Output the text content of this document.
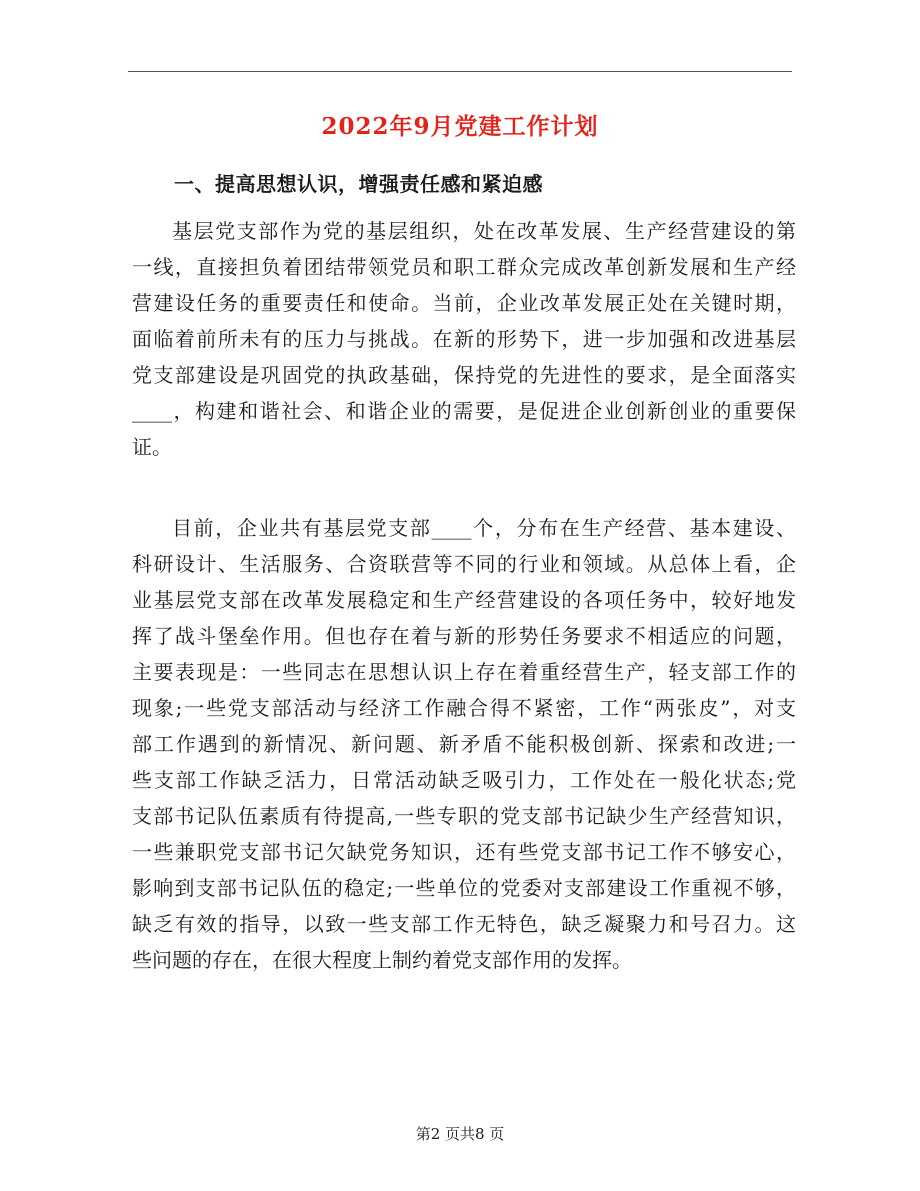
2022年9月党建工作计划
一、提高思想认识，增强责任感和紧迫感
基层党支部作为党的基层组织，处在改革发展、生产经营建设的第
一线，直接担负着团结带领党员和职工群众完成改革创新发展和生产经
营建设任务的重要责任和使命。当前，企业改革发展正处在关键时期，
面临着前所未有的压力与挑战。在新的形势下，进一步加强和改进基层
党支部建设是巩固党的执政基础，保持党的先进性的要求，是全面落实
____，构建和谐社会、和谐企业的需要，是促进企业创新创业的重要保
证。
目前，企业共有基层党支部____个，分布在生产经营、基本建设、
科研设计、生活服务、合资联营等不同的行业和领域。从总体上看，企
业基层党支部在改革发展稳定和生产经营建设的各项任务中，较好地发
挥了战斗堡垒作用。但也存在着与新的形势任务要求不相适应的问题，
主要表现是：一些同志在思想认识上存在着重经营生产，轻支部工作的
现象;一些党支部活动与经济工作融合得不紧密，工作“两张皮”，对支
部工作遇到的新情况、新问题、新矛盾不能积极创新、探索和改进;一
些支部工作缺乏活力，日常活动缺乏吸引力，工作处在一般化状态;党
支部书记队伍素质有待提高,一些专职的党支部书记缺少生产经营知识，
一些兼职党支部书记欠缺党务知识，还有些党支部书记工作不够安心，
影响到支部书记队伍的稳定;一些单位的党委对支部建设工作重视不够，
缺乏有效的指导，以致一些支部工作无特色，缺乏凝聚力和号召力。这
些问题的存在，在很大程度上制约着党支部作用的发挥。
第2 页共8 页
